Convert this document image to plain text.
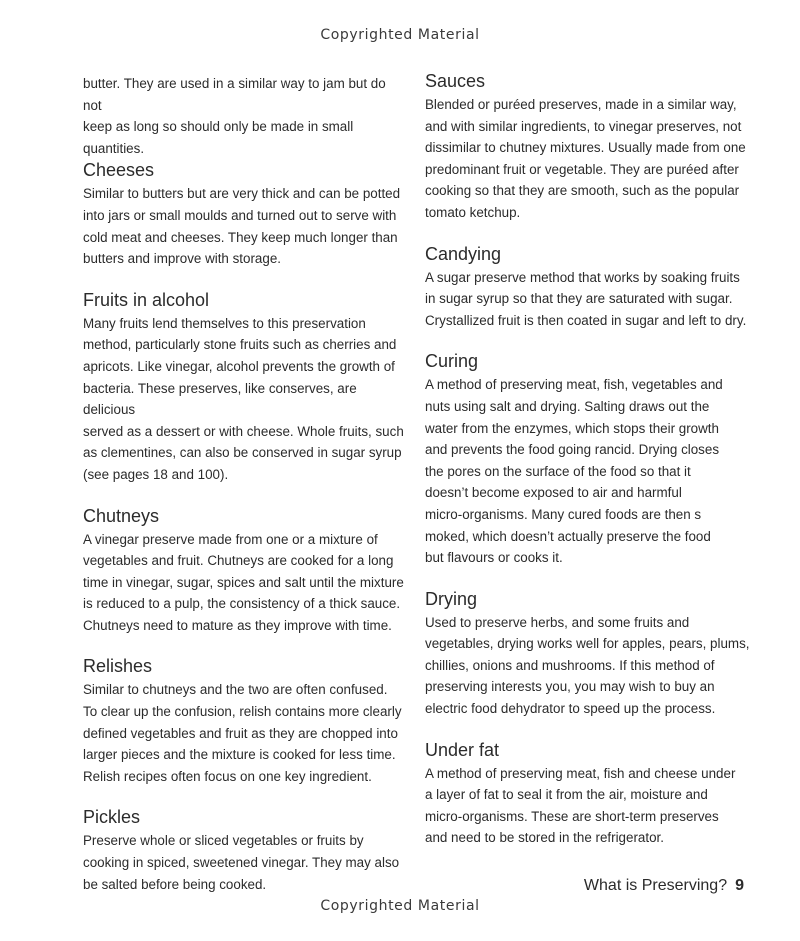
Copyrighted Material

butter. They are used in a similar way to jam but do not
keep as long so should only be made in small quantities.

Cheeses

Similar to butters but are very thick and can be potted
into jars or small moulds and turned out to serve with
cold meat and cheeses. They keep much longer than
butters and improve with storage.

Fruits in alcohol

Many fruits lend themselves to this preservation
method, particularly stone fruits such as cherries and
apricots. Like vinegar, alcohol prevents the growth of
bacteria. These preserves, like conserves, are delicious
served as a dessert or with cheese. Whole fruits, such
as clementines, can also be conserved in sugar syrup
(see pages 18 and 100).

Chutneys

A vinegar preserve made from one or a mixture of
vegetables and fruit. Chutneys are cooked for a long
time in vinegar, sugar, spices and salt until the mixture
is reduced to a pulp, the consistency of a thick sauce.
Chutneys need to mature as they improve with time.

Relishes

Similar to chutneys and the two are often confused.
To clear up the confusion, relish contains more clearly
defined vegetables and fruit as they are chopped into
larger pieces and the mixture is cooked for less time.
Relish recipes often focus on one key ingredient.

Pickles

Preserve whole or sliced vegetables or fruits by
cooking in spiced, sweetened vinegar. They may also
be salted before being cooked.

Sauces

Blended or puréed preserves, made in a similar way,
and with similar ingredients, to vinegar preserves, not
dissimilar to chutney mixtures. Usually made from one
predominant fruit or vegetable. They are puréed after
cooking so that they are smooth, such as the popular
tomato ketchup.

Candying

A sugar preserve method that works by soaking fruits
in sugar syrup so that they are saturated with sugar.
Crystallized fruit is then coated in sugar and left to dry.

Curing

A method of preserving meat, fish, vegetables and
nuts using salt and drying. Salting draws out the
water from the enzymes, which stops their growth
and prevents the food going rancid. Drying closes
the pores on the surface of the food so that it
doesn’t become exposed to air and harmful
micro-organisms. Many cured foods are then s
moked, which doesn’t actually preserve the food
but flavours or cooks it.

Drying

Used to preserve herbs, and some fruits and
vegetables, drying works well for apples, pears, plums,
chillies, onions and mushrooms. If this method of
preserving interests you, you may wish to buy an
electric food dehydrator to speed up the process.

Under fat

A method of preserving meat, fish and cheese under
a layer of fat to seal it from the air, moisture and
micro-organisms. These are short-term preserves
and need to be stored in the refrigerator.

What is Preserving? 9
Copyrighted Material
